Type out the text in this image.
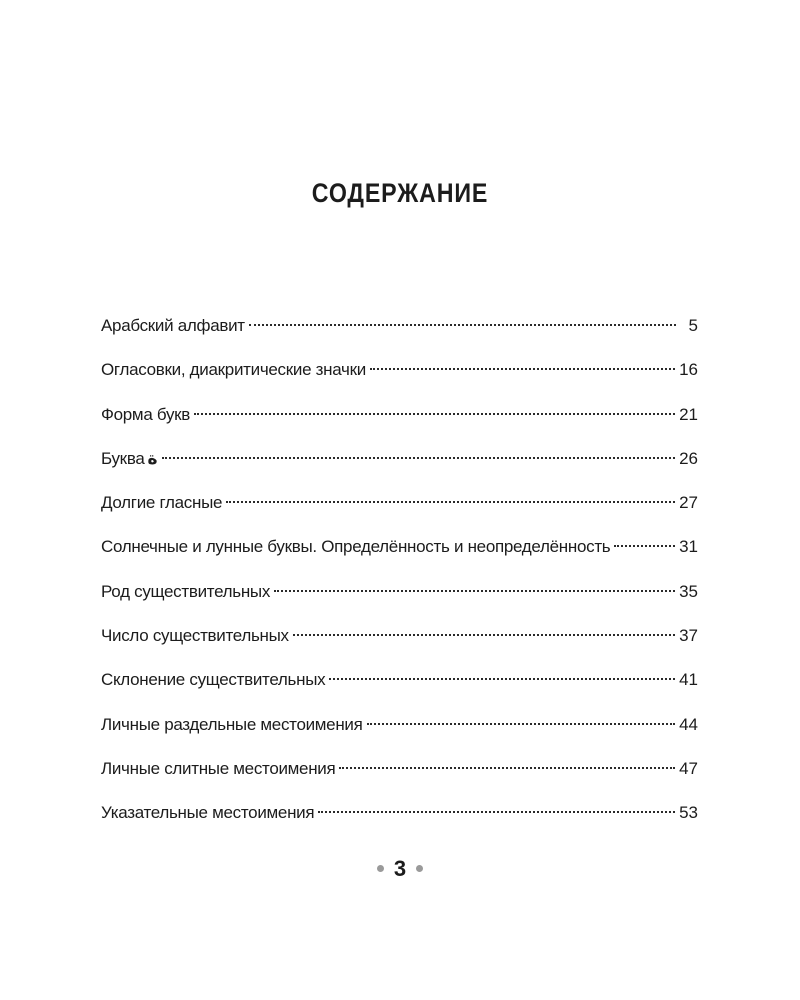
СОДЕРЖАНИЕ
Арабский алфавит	5
Огласовки, диакритические значки	16
Форма букв	21
Буква ة	26
Долгие гласные	27
Солнечные и лунные буквы. Определённость и неопределённость	31
Род существительных	35
Число существительных	37
Склонение существительных	41
Личные раздельные местоимения	44
Личные слитные местоимения	47
Указательные местоимения	53
3
